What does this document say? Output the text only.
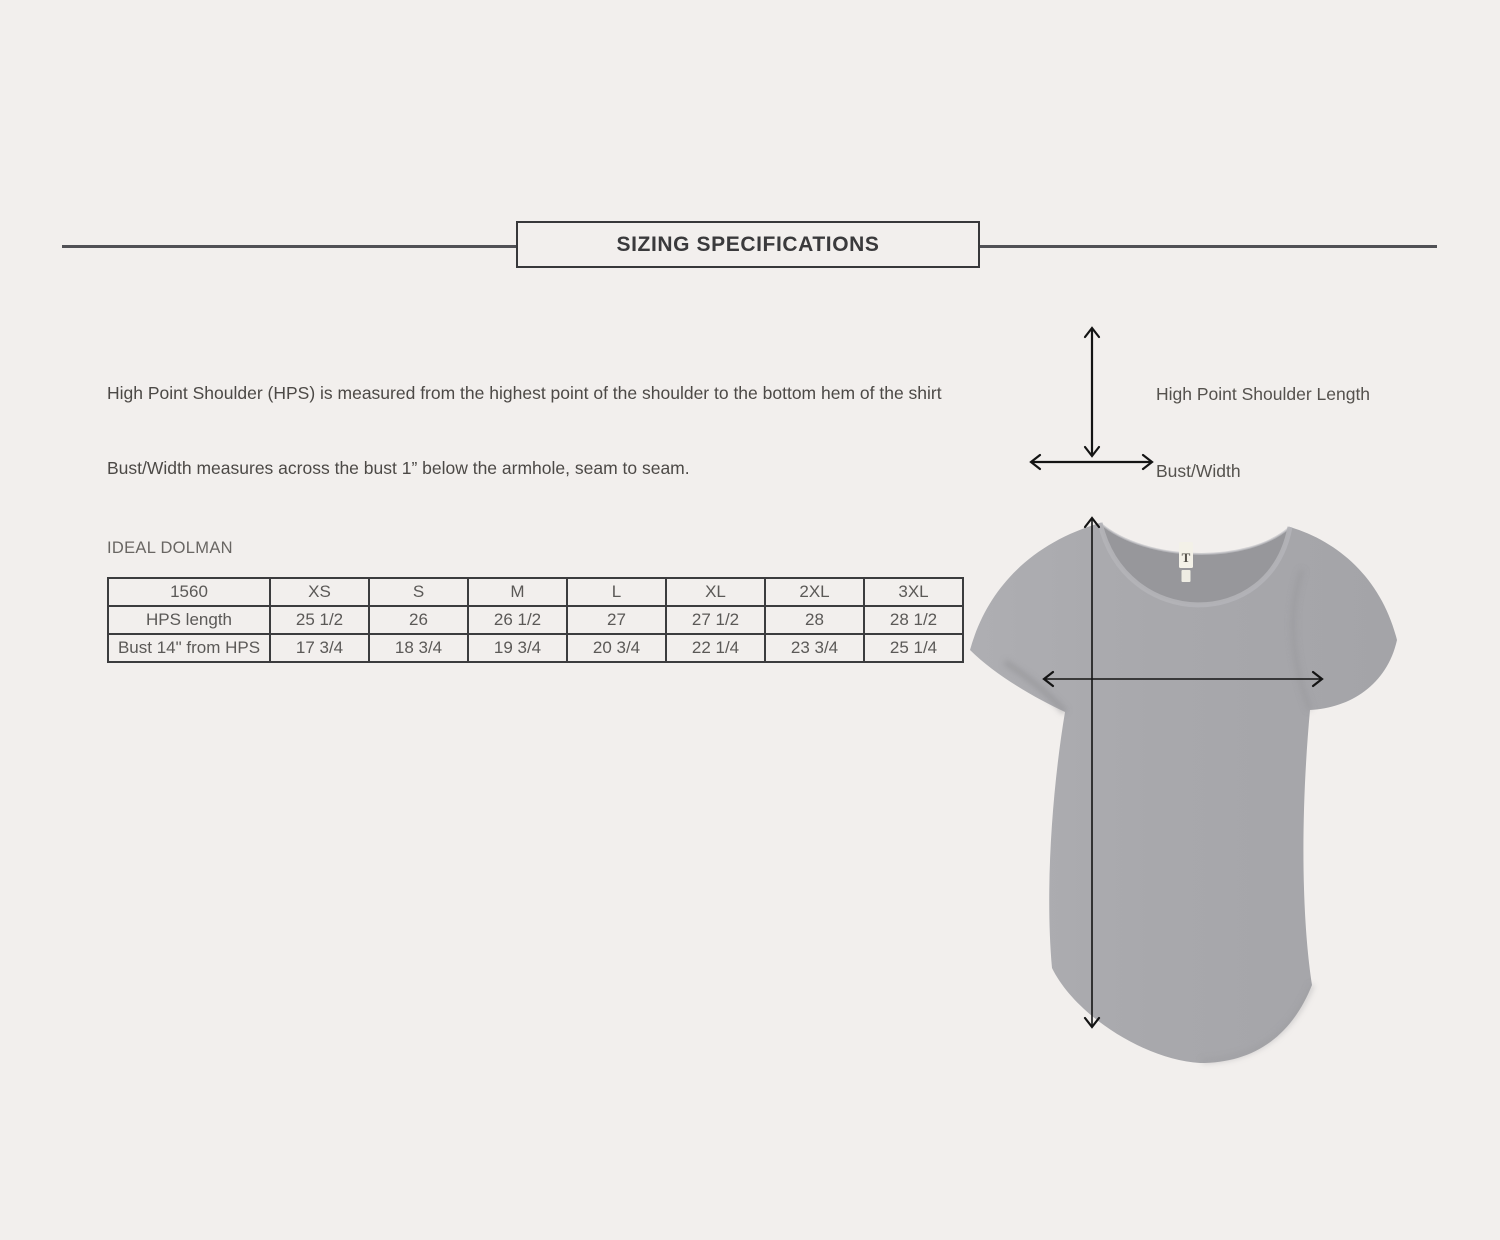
SIZING SPECIFICATIONS
High Point Shoulder (HPS) is measured from the highest point of the shoulder to the bottom hem of the shirt
Bust/Width measures across the bust 1” below the armhole, seam to seam.
High Point Shoulder Length
Bust/Width
IDEAL DOLMAN
1560	XS	S	M	L	XL	2XL	3XL
HPS length	25 1/2	26	26 1/2	27	27 1/2	28	28 1/2
Bust 14" from HPS	17 3/4	18 3/4	19 3/4	20 3/4	22 1/4	23 3/4	25 1/4
T
